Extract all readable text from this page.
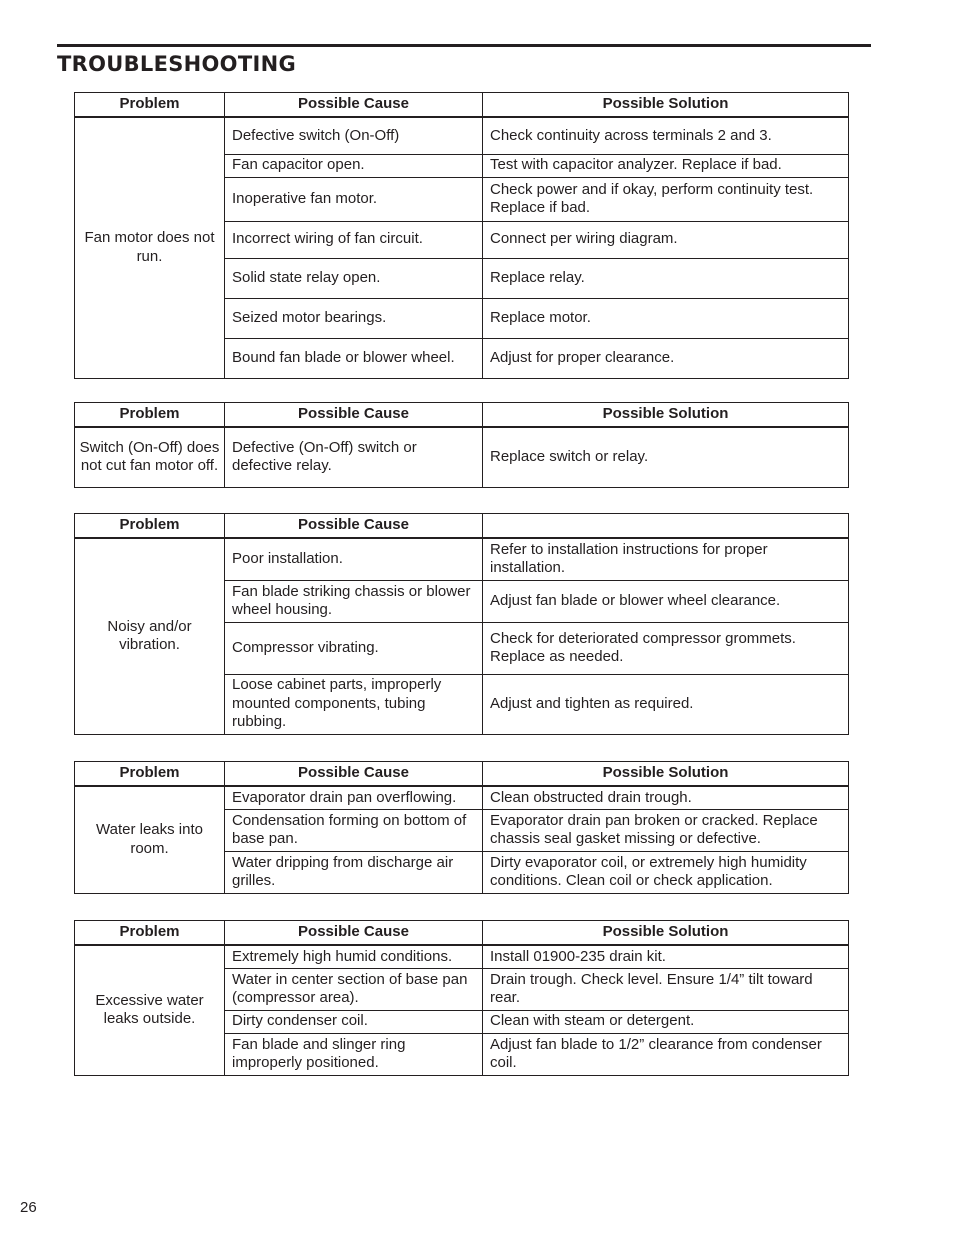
TROUBLESHOOTING
Problem	Possible Cause	Possible Solution
Fan motor does not run.	Defective switch (On-Off)	Check continuity across terminals 2 and 3.
	Fan capacitor open.	Test with capacitor analyzer. Replace if bad.
	Inoperative fan motor.	Check power and if okay, perform continuity test. Replace if bad.
	Incorrect wiring of fan circuit.	Connect per wiring diagram.
	Solid state relay open.	Replace relay.
	Seized motor bearings.	Replace motor.
	Bound fan blade or blower wheel.	Adjust for proper clearance.
Problem	Possible Cause	Possible Solution
Switch (On-Off) does not cut fan motor off.	Defective (On-Off) switch or defective relay.	Replace switch or relay.
Problem	Possible Cause	
Noisy and/or vibration.	Poor installation.	Refer to installation instructions for proper installation.
	Fan blade striking chassis or blower wheel housing.	Adjust fan blade or blower wheel clearance.
	Compressor vibrating.	Check for deteriorated compressor grommets. Replace as needed.
	Loose cabinet parts, improperly mounted components, tubing rubbing.	Adjust and tighten as required.
Problem	Possible Cause	Possible Solution
Water leaks into room.	Evaporator drain pan overflowing.	Clean obstructed drain trough.
	Condensation forming on bottom of base pan.	Evaporator drain pan broken or cracked. Replace chassis seal gasket missing or defective.
	Water dripping from discharge air grilles.	Dirty evaporator coil, or extremely high humidity conditions. Clean coil or check application.
Problem	Possible Cause	Possible Solution
Excessive water leaks outside.	Extremely high humid conditions.	Install 01900-235 drain kit.
	Water in center section of base pan (compressor area).	Drain trough. Check level. Ensure 1/4” tilt toward rear.
	Dirty condenser coil.	Clean with steam or detergent.
	Fan blade and slinger ring improperly positioned.	Adjust fan blade to 1/2” clearance from condenser coil.
26
